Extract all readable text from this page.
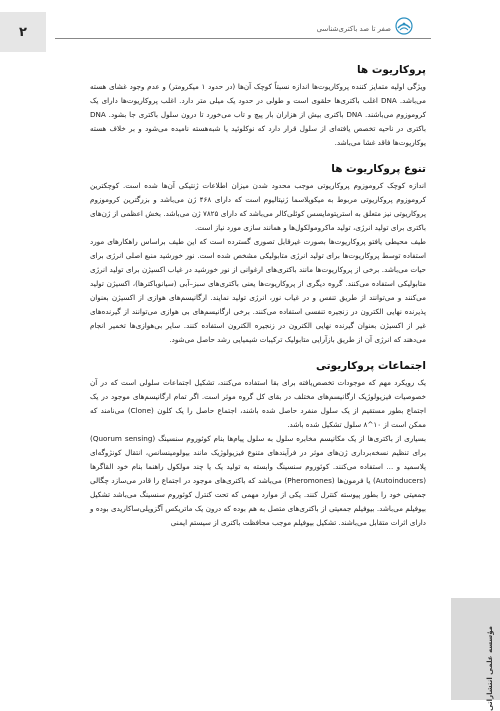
۲	صفر تا صد باکتری‌شناسی
پروکاریوت ها

ویژگی اولیه متمایز کننده پروکاریوت‌ها اندازه نسبتاً کوچک آن‌ها (در حدود ۱ میکرومتر) و عدم وجود غشای هسته می‌باشد. DNA اغلب باکتری‌ها حلقوی است و طولی در حدود یک میلی متر دارد. اغلب پروکاریوت‌ها دارای یک کروموزوم می‌باشند. DNA باکتری بیش از هزاران بار پیچ و تاب می‌خورد تا درون سلول باکتری جا بشود. DNA باکتری در ناحیه تخصص یافته‌ای از سلول قرار دارد که نوکلوئید یا شبه‌هسته نامیده می‌شود و بر خلاف هسته یوکاریوت‌ها فاقد غشا می‌باشد.

تنوع پروکاریوت ها

اندازه کوچک کروموزوم پروکاریوتی موجب محدود شدن میزان اطلاعات ژنتیکی آن‌ها شده است. کوچکترین کروموزوم پروکاریوتی مربوط به میکوپلاسما ژنیتالیوم است که دارای ۴۶۸ ژن می‌باشد و بزرگترین کروموزوم پروکاریوتی نیز متعلق به استرپتومایسس کوئلی‌کالر می‌باشد که دارای ۷۸۲۵ ژن می‌باشد. بخش اعظمی از ژن‌های باکتری برای تولید انرژی، تولید ماکرومولکول‌ها و همانند سازی مورد نیاز است.

طیف محیطی یافتو پروکاریوت‌ها بصورت غیرقابل تصوری گسترده است که این طیف براساس راهکارهای مورد استفاده توسط پروکاریوت‌ها برای تولید انرژی متابولیکی مشخص شده است. نور خورشید منبع اصلی انرژی برای حیات می‌باشد. برخی از پروکاریوت‌ها مانند باکتری‌های ارغوانی از نور خورشید در غیاب اکسیژن برای تولید انرژی متابولیکی استفاده می‌کنند. گروه دیگری از پروکاریوت‌ها یعنی باکتری‌های سبز–آبی (سیانوباکترها)، اکسیژن تولید می‌کنند و می‌توانند از طریق تنفس و در غیاب نور، انرژی تولید نمایند. ارگانیسم‌های هوازی از اکسیژن بعنوان پذیرنده نهایی الکترون در زنجیره تنفسی استفاده می‌کنند. برخی ارگانیسم‌های بی هوازی می‌توانند از گیرنده‌های غیر از اکسیژن بعنوان گیرنده نهایی الکترون در زنجیره الکترون استفاده کنند. سایر بی‌هوازی‌ها تخمیر انجام می‌دهند که انرژی آن از طریق بازآرایی متابولیک ترکیبات شیمیایی رشد حاصل می‌شود.

اجتماعات پروکاریوتی

یک رویکرد مهم که موجودات تخصص‌یافته برای بقا استفاده می‌کنند، تشکیل اجتماعات سلولی است که در آن خصوصیات فیزیولوژیک ارگانیسم‌های مختلف در بقای کل گروه موثر است. اگر تمام ارگانیسم‌های موجود در یک اجتماع بطور مستقیم از یک سلول منفرد حاصل شده باشند، اجتماع حاصل را یک کلون (Clone) می‌نامند که ممکن است از ۱۰^۸ سلول تشکیل شده باشد.

بسیاری از باکتری‌ها از یک مکانیسم مخابره سلول به سلول پیام‌ها بنام کوئوروم سنسینگ (Quorum sensing) برای تنظیم نسخه‌برداری ژن‌های موثر در فرآیندهای متنوع فیزیولوژیک مانند بیولومینسانس، انتقال کونژوگه‌ای پلاسمید و ... استفاده می‌کنند. کوئوروم سنسینگ وابسته به تولید یک یا چند مولکول راهنما بنام خود القاگرها (Autoinducers) یا فرمون‌ها (Pheromones) می‌باشد که باکتری‌های موجود در اجتماع را قادر می‌سازد چگالی جمعیتی خود را بطور پیوسته کنترل کنند. یکی از موارد مهمی که تحت کنترل کوئوروم سنسینگ می‌باشد تشکیل بیوفیلم می‌باشد. بیوفیلم جمعیتی از باکتری‌های متصل به هم بوده که درون یک ماتریکس آگزوپلی‌ساکاریدی بوده و دارای اثرات متقابل می‌باشند. تشکیل بیوفیلم موجب محافظت باکتری از سیستم ایمنی

مؤسسه علمی انتشاراتی
